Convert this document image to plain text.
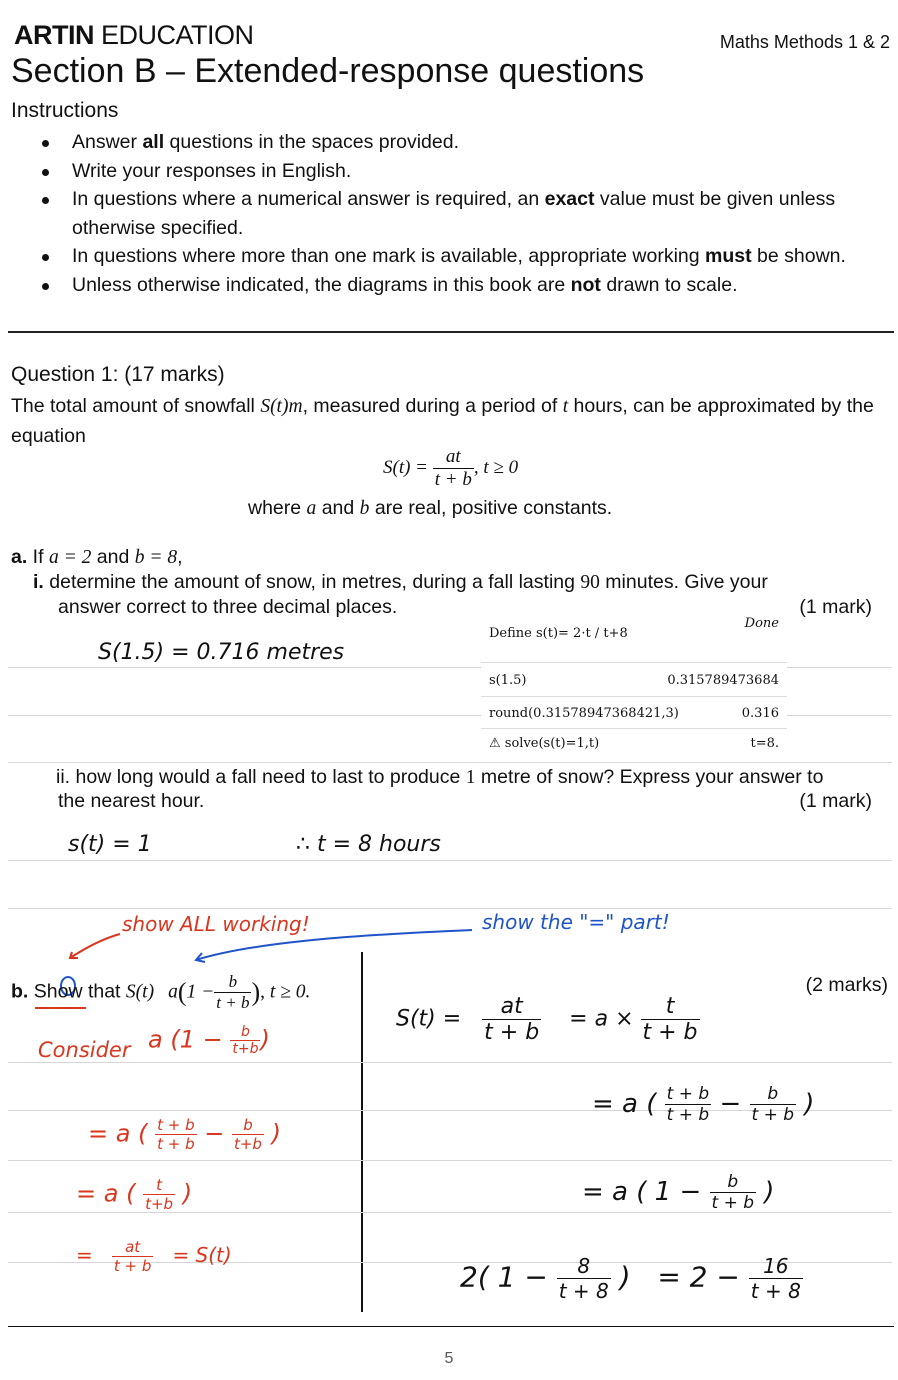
ARTIN EDUCATION	Maths Methods 1 & 2
Section B – Extended-response questions
Instructions
Answer all questions in the spaces provided.
Write your responses in English.
In questions where a numerical answer is required, an exact value must be given unless otherwise specified.
In questions where more than one mark is available, appropriate working must be shown.
Unless otherwise indicated, the diagrams in this book are not drawn to scale.
Question 1: (17 marks)
The total amount of snowfall S(t)m, measured during a period of t hours, can be approximated by the equation
$S(t) = \frac{at}{t + b}$ , t ≥ 0
where a and b are real, positive constants.
a. If a = 2 and b = 8,
i. determine the amount of snow, in metres, during a fall lasting 90 minutes. Give your
answer correct to three decimal places.	(1 mark)
S(1.5) = 0.716 metres
Define s(t)= 2·t / t+8
Done
s(1.5)	0.315789473684
round(0.31578947368421,3)	0.316
⚠ solve(s(t)=1,t)	t=8.
ii. how long would a fall need to last to produce 1 metre of snow? Express your answer to
the nearest hour.	(1 mark)
s(t) = 1	∴ t = 8 hours
show ALL working!	show the "=" part!
b. Show that S(t) $a(1 - \frac{b}{t + b}$ ), t ≥ 0.	(2 marks)
Consider a ($1 - \frac{b}{t+b}$ )
= a ( $\frac{t + b}{t + b} - \frac{b}{t+b}$ )
= a ( $\frac{t}{t+b}$ )
= $\frac{at}{t + b} = S(t)$
$S(t) = \frac{at}{t + b} = a \times \frac{t}{t + b}$
= a ( $\frac{t + b}{t + b} - \frac{b}{t + b}$ )
= a ( $1 - \frac{b}{t + b}$ )
2( $1 - \frac{8}{t + 8}$ )   = $2 - \frac{16}{t + 8}$
5
